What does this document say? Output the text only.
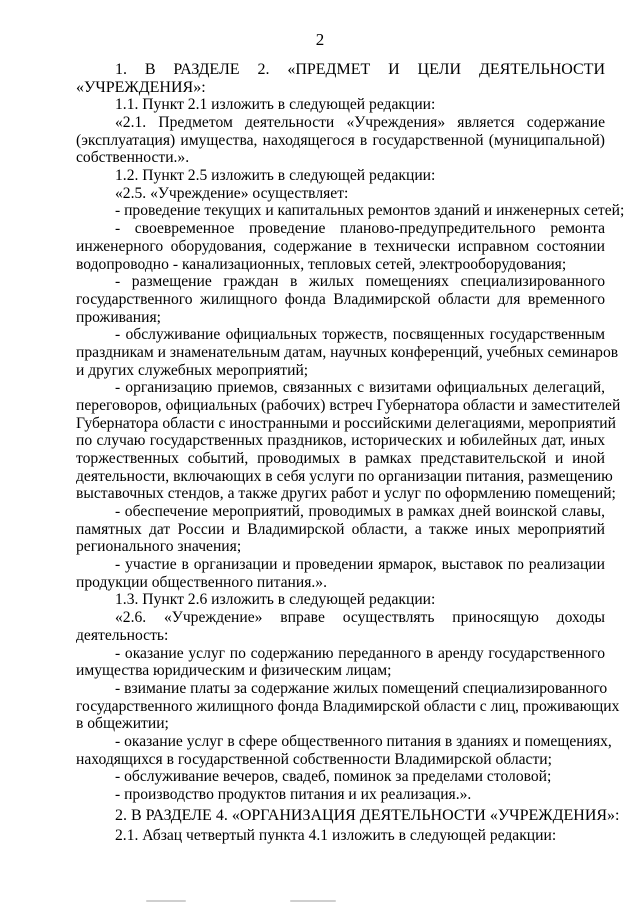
2
1. В РАЗДЕЛЕ 2. «ПРЕДМЕТ И ЦЕЛИ ДЕЯТЕЛЬНОСТИ
«УЧРЕЖДЕНИЯ»:
1.1. Пункт 2.1 изложить в следующей редакции:
«2.1. Предметом деятельности «Учреждения» является содержание
(эксплуатация) имущества, находящегося в государственной (муниципальной)
собственности.».
1.2. Пункт 2.5 изложить в следующей редакции:
«2.5. «Учреждение» осуществляет:
- проведение текущих и капитальных ремонтов зданий и инженерных сетей;
- своевременное проведение планово-предупредительного ремонта
инженерного оборудования, содержание в технически исправном состоянии
водопроводно - канализационных, тепловых сетей, электрооборудования;
- размещение граждан в жилых помещениях специализированного
государственного жилищного фонда Владимирской области для временного
проживания;
- обслуживание официальных торжеств, посвященных государственным
праздникам и знаменательным датам, научных конференций, учебных семинаров
и других служебных мероприятий;
- организацию приемов, связанных с визитами официальных делегаций,
переговоров, официальных (рабочих) встреч Губернатора области и заместителей
Губернатора области с иностранными и российскими делегациями, мероприятий
по случаю государственных праздников, исторических и юбилейных дат, иных
торжественных событий, проводимых в рамках представительской и иной
деятельности, включающих в себя услуги по организации питания, размещению
выставочных стендов, а также других работ и услуг по оформлению помещений;
- обеспечение мероприятий, проводимых в рамках дней воинской славы,
памятных дат России и Владимирской области, а также иных мероприятий
регионального значения;
- участие в организации и проведении ярмарок, выставок по реализации
продукции общественного питания.».
1.3. Пункт 2.6 изложить в следующей редакции:
«2.6. «Учреждение» вправе осуществлять приносящую доходы
деятельность:
- оказание услуг по содержанию переданного в аренду государственного
имущества юридическим и физическим лицам;
- взимание платы за содержание жилых помещений специализированного
государственного жилищного фонда Владимирской области с лиц, проживающих
в общежитии;
- оказание услуг в сфере общественного питания в зданиях и помещениях,
находящихся в государственной собственности Владимирской области;
- обслуживание вечеров, свадеб, поминок за пределами столовой;
- производство продуктов питания и их реализация.».
2. В РАЗДЕЛЕ 4. «ОРГАНИЗАЦИЯ ДЕЯТЕЛЬНОСТИ «УЧРЕЖДЕНИЯ»:
2.1. Абзац четвертый пункта 4.1 изложить в следующей редакции:
